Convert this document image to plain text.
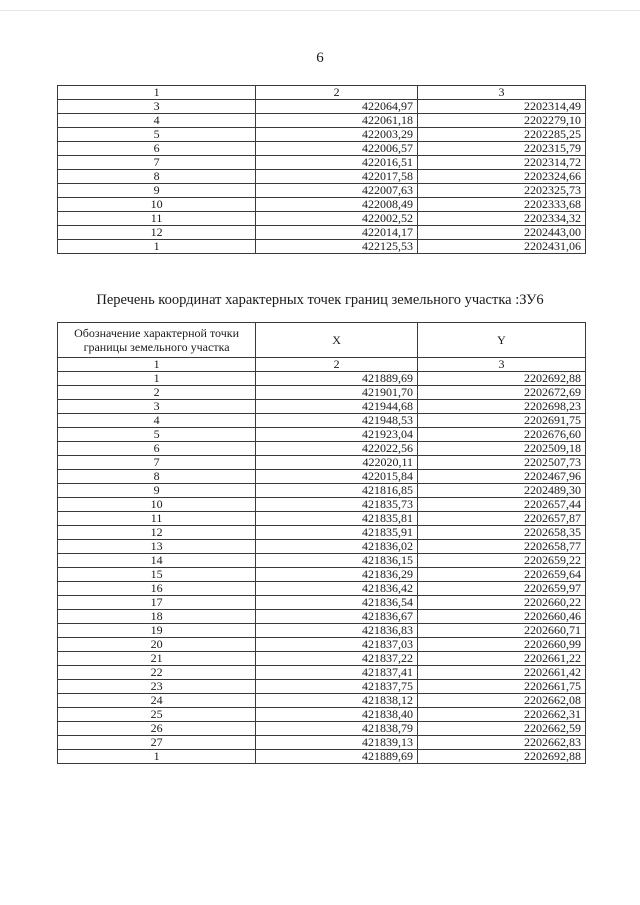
6
1	2	3
3	422064,97	2202314,49
4	422061,18	2202279,10
5	422003,29	2202285,25
6	422006,57	2202315,79
7	422016,51	2202314,72
8	422017,58	2202324,66
9	422007,63	2202325,73
10	422008,49	2202333,68
11	422002,52	2202334,32
12	422014,17	2202443,00
1	422125,53	2202431,06
Перечень координат характерных точек границ земельного участка :ЗУ6
Обозначение характерной точки границы земельного участка	X	Y
1	2	3
1	421889,69	2202692,88
2	421901,70	2202672,69
3	421944,68	2202698,23
4	421948,53	2202691,75
5	421923,04	2202676,60
6	422022,56	2202509,18
7	422020,11	2202507,73
8	422015,84	2202467,96
9	421816,85	2202489,30
10	421835,73	2202657,44
11	421835,81	2202657,87
12	421835,91	2202658,35
13	421836,02	2202658,77
14	421836,15	2202659,22
15	421836,29	2202659,64
16	421836,42	2202659,97
17	421836,54	2202660,22
18	421836,67	2202660,46
19	421836,83	2202660,71
20	421837,03	2202660,99
21	421837,22	2202661,22
22	421837,41	2202661,42
23	421837,75	2202661,75
24	421838,12	2202662,08
25	421838,40	2202662,31
26	421838,79	2202662,59
27	421839,13	2202662,83
1	421889,69	2202692,88
